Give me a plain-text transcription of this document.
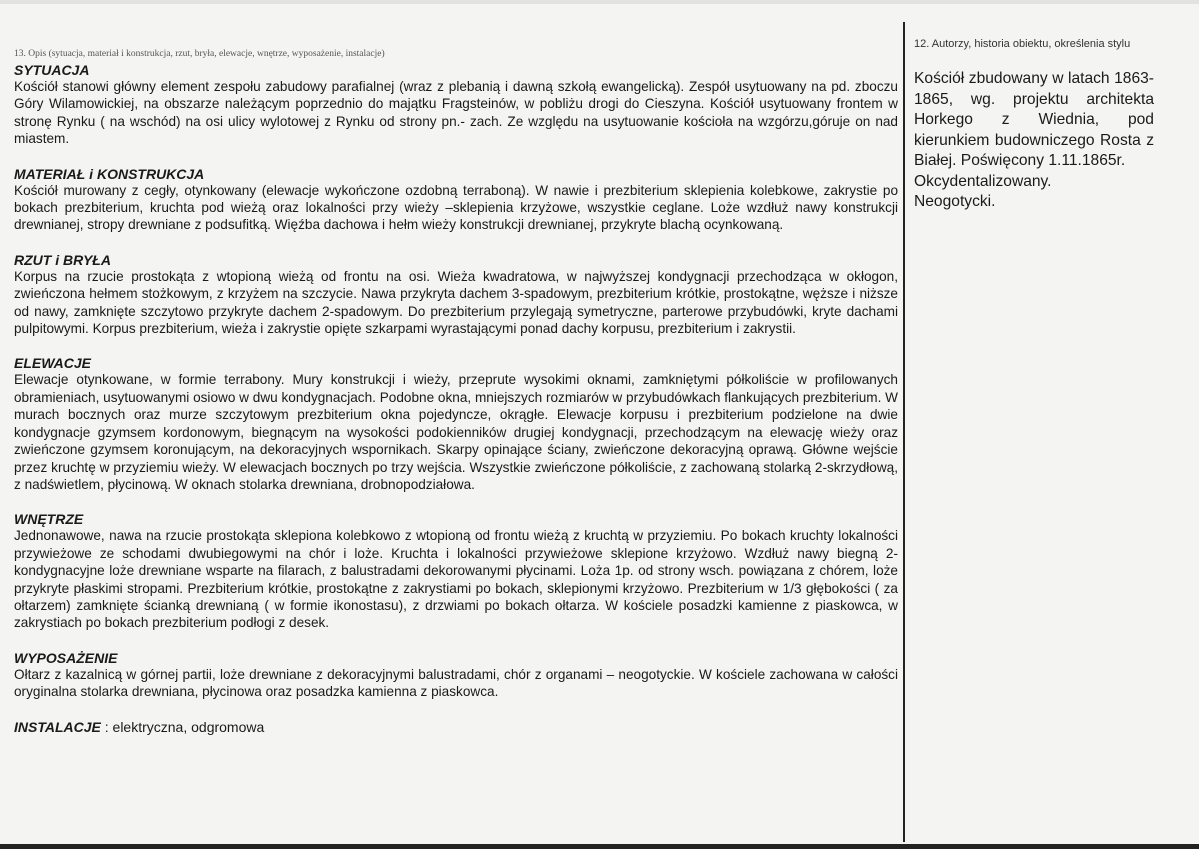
13. Opis (sytuacja, materiał i konstrukcja, rzut, bryła, elewacje, wnętrze, wyposażenie, instalacje)

SYTUACJA

Kościół stanowi główny element zespołu zabudowy parafialnej (wraz z plebanią i dawną szkołą ewangelicką). Zespół usytuowany na pd. zboczu Góry Wilamowickiej, na obszarze należącym poprzednio do majątku Fragsteinów, w pobliżu drogi do Cieszyna. Kościół usytuowany frontem w stronę Rynku ( na wschód) na osi ulicy wylotowej z Rynku od strony pn.- zach. Ze względu na usytuowanie kościoła na wzgórzu,góruje on nad miastem.

MATERIAŁ i KONSTRUKCJA

Kościół murowany z cegły, otynkowany (elewacje wykończone ozdobną terraboną). W nawie i prezbiterium sklepienia kolebkowe, zakrystie po bokach prezbiterium, kruchta pod wieżą oraz lokalności przy wieży –sklepienia krzyżowe, wszystkie ceglane. Loże wzdłuż nawy konstrukcji drewnianej, stropy drewniane z podsufitką. Więźba dachowa i hełm wieży konstrukcji drewnianej, przykryte blachą ocynkowaną.

RZUT i BRYŁA

Korpus na rzucie prostokąta z wtopioną wieżą od frontu na osi. Wieża kwadratowa, w najwyższej kondygnacji przechodząca w okłogon, zwieńczona hełmem stożkowym, z krzyżem na szczycie. Nawa przykryta dachem 3-spadowym, prezbiterium krótkie, prostokątne, węższe i niższe od nawy, zamknięte szczytowo przykryte dachem 2-spadowym. Do prezbiterium przylegają symetryczne, parterowe przybudówki, kryte dachami pulpitowymi. Korpus prezbiterium, wieża i zakrystie opięte szkarpami wyrastającymi ponad dachy korpusu, prezbiterium i zakrystii.

ELEWACJE

Elewacje otynkowane, w formie terrabony. Mury konstrukcji i wieży, przeprute wysokimi oknami, zamkniętymi półkoliście w profilowanych obramieniach, usytuowanymi osiowo w dwu kondygnacjach. Podobne okna, mniejszych rozmiarów w przybudówkach flankujących prezbiterium. W murach bocznych oraz murze szczytowym prezbiterium okna pojedyncze, okrągłe. Elewacje korpusu i prezbiterium podzielone na dwie kondygnacje gzymsem kordonowym, biegnącym na wysokości podokienników drugiej kondygnacji, przechodzącym na elewację wieży oraz zwieńczone gzymsem koronującym, na dekoracyjnych wspornikach. Skarpy opinające ściany, zwieńczone dekoracyjną oprawą. Główne wejście przez kruchtę w przyziemiu wieży. W elewacjach bocznych po trzy wejścia. Wszystkie zwieńczone półkoliście, z zachowaną stolarką 2-skrzydłową, z nadświetlem, płycinową. W oknach stolarka drewniana, drobnopodziałowa.

WNĘTRZE

Jednonawowe, nawa na rzucie prostokąta sklepiona kolebkowo z wtopioną od frontu wieżą z kruchtą w przyziemiu. Po bokach kruchty lokalności przywieżowe ze schodami dwubiegowymi na chór i loże. Kruchta i lokalności przywieżowe sklepione krzyżowo. Wzdłuż nawy biegną 2-kondygnacyjne loże drewniane wsparte na filarach, z balustradami dekorowanymi płycinami. Loża 1p. od strony wsch. powiązana z chórem, loże przykryte płaskimi stropami. Prezbiterium krótkie, prostokątne z zakrystiami po bokach, sklepionymi krzyżowo. Prezbiterium w 1/3 głębokości ( za ołtarzem) zamknięte ścianką drewnianą ( w formie ikonostasu), z drzwiami po bokach ołtarza. W kościele posadzki kamienne z piaskowca, w zakrystiach po bokach prezbiterium podłogi z desek.

WYPOSAŻENIE

Ołtarz z kazalnicą w górnej partii, loże drewniane z dekoracyjnymi balustradami, chór z organami – neogotyckie. W kościele zachowana w całości oryginalna stolarka drewniana, płycinowa oraz posadzka kamienna z piaskowca.

INSTALACJE : elektryczna, odgromowa

12. Autorzy, historia obiektu, określenia stylu

Kościół zbudowany w latach 1863-1865, wg. projektu architekta Horkego z Wiednia, pod kierunkiem budowniczego Rosta z Białej. Poświęcony 1.11.1865r.

Okcydentalizowany.

Neogotycki.
